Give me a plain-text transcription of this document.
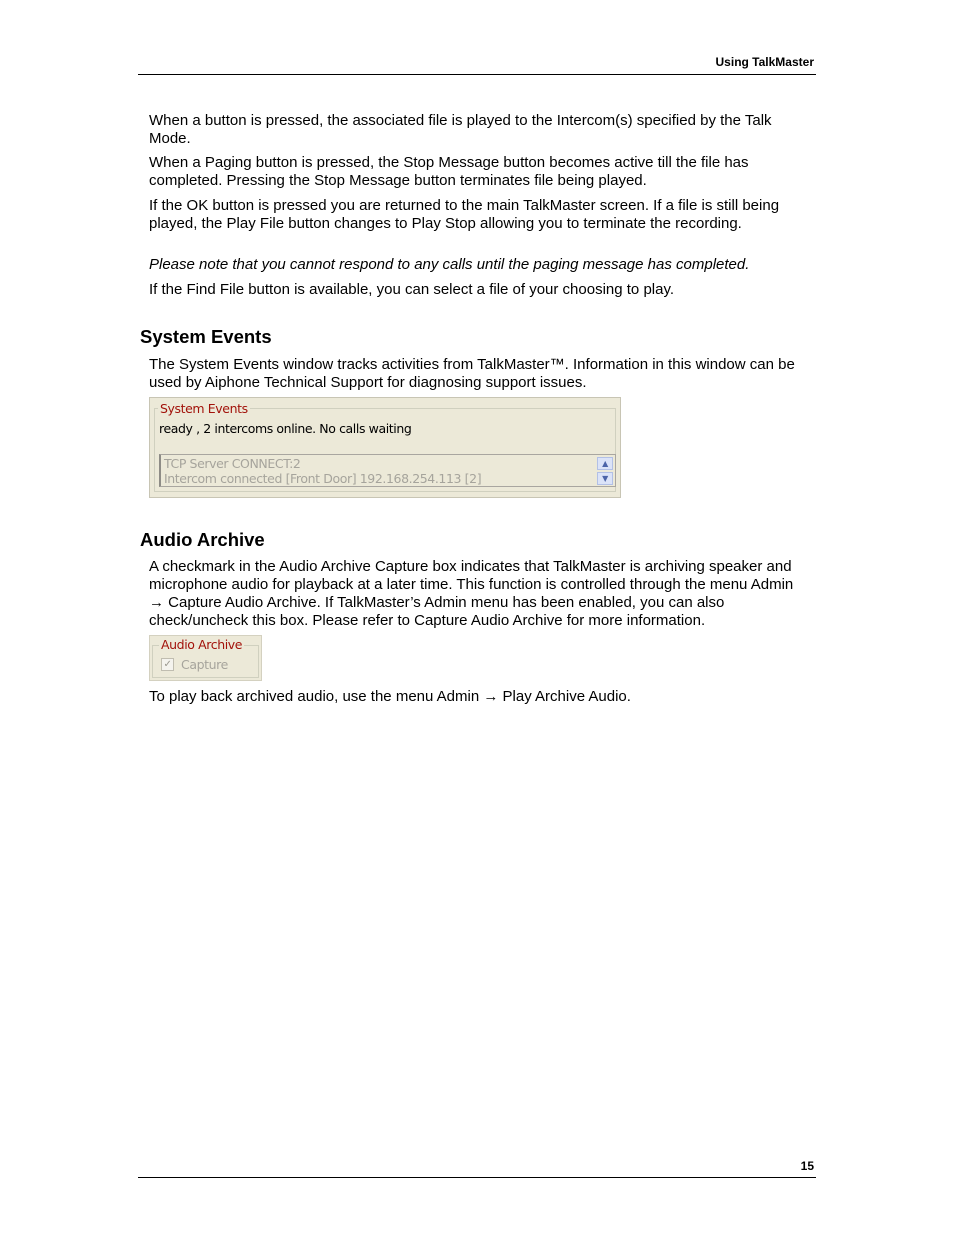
Using TalkMaster

When a button is pressed, the associated file is played to the Intercom(s) specified by the Talk Mode.

When a Paging button is pressed, the Stop Message button becomes active till the file has completed. Pressing the Stop Message button terminates file being played.

If the OK button is pressed you are returned to the main TalkMaster screen. If a file is still being played, the Play File button changes to Play Stop allowing you to terminate the recording.

Please note that you cannot respond to any calls until the paging message has completed.

If the Find File button is available, you can select a file of your choosing to play.

System Events

The System Events window tracks activities from TalkMaster™. Information in this window can be used by Aiphone Technical Support for diagnosing support issues.

System Events
ready , 2 intercoms online. No calls waiting
TCP Server CONNECT:2
Intercom connected [Front Door] 192.168.254.113 [2]
▲
▼
Audio Archive

A checkmark in the Audio Archive Capture box indicates that TalkMaster is archiving speaker and microphone audio for playback at a later time. This function is controlled through the menu Admin → Capture Audio Archive. If TalkMaster’s Admin menu has been enabled, you can also check/uncheck this box. Please refer to Capture Audio Archive for more information.

Audio Archive
✓ Capture

To play back archived audio, use the menu Admin → Play Archive Audio.

15
